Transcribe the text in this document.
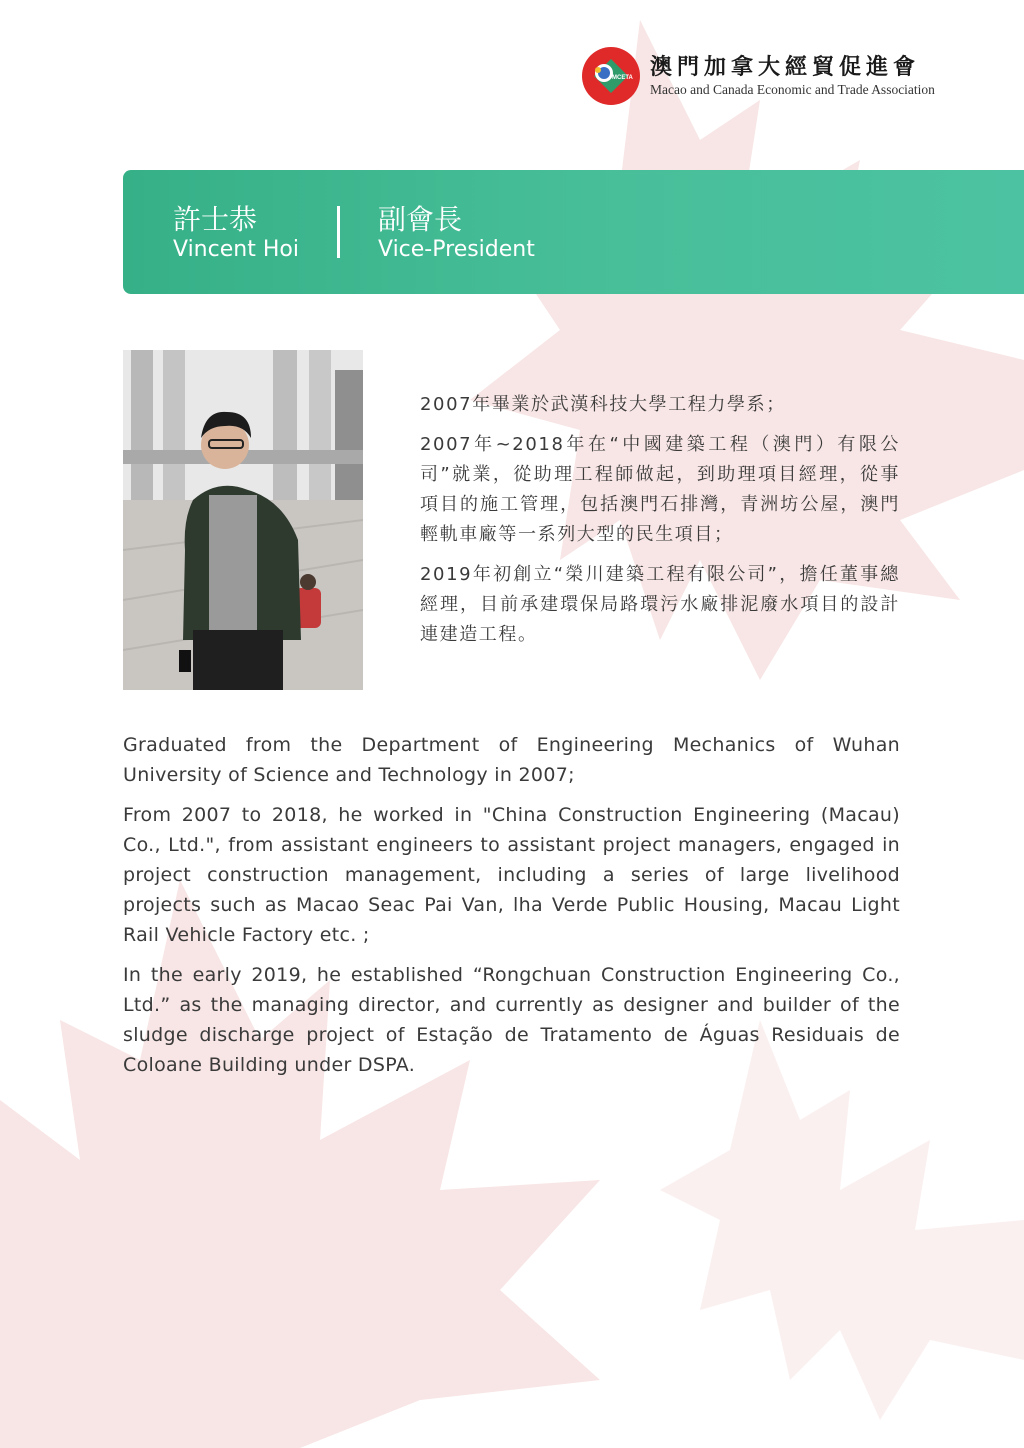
MCETA 澳門加拿大經貿促進會
Macao and Canada Economic and Trade Association
許士恭
Vincent Hoi
副會長
Vice-President

2007年畢業於武漢科技大學工程力學系；

2007年~2018年在“中國建築工程（澳門）有限公司”就業，從助理工程師做起，到助理項目經理，從事項目的施工管理，包括澳門石排灣，青洲坊公屋，澳門輕軌車廠等一系列大型的民生項目；

2019年初創立“榮川建築工程有限公司”，擔任董事總經理，目前承建環保局路環污水廠排泥廢水項目的設計連建造工程。

Graduated from the Department of Engineering Mechanics of Wuhan University of Science and Technology in 2007;

From 2007 to 2018, he worked in "China Construction Engineering (Macau) Co., Ltd.", from assistant engineers to assistant project managers, engaged in project construction management, including a series of large livelihood projects such as Macao Seac Pai Van, lha Verde Public Housing, Macau Light Rail Vehicle Factory etc. ;

In the early 2019, he established “Rongchuan Construction Engineering Co., Ltd.” as the managing director, and currently as designer and builder of the sludge discharge project of Estação de Tratamento de Águas Residuais de Coloane Building under DSPA.
